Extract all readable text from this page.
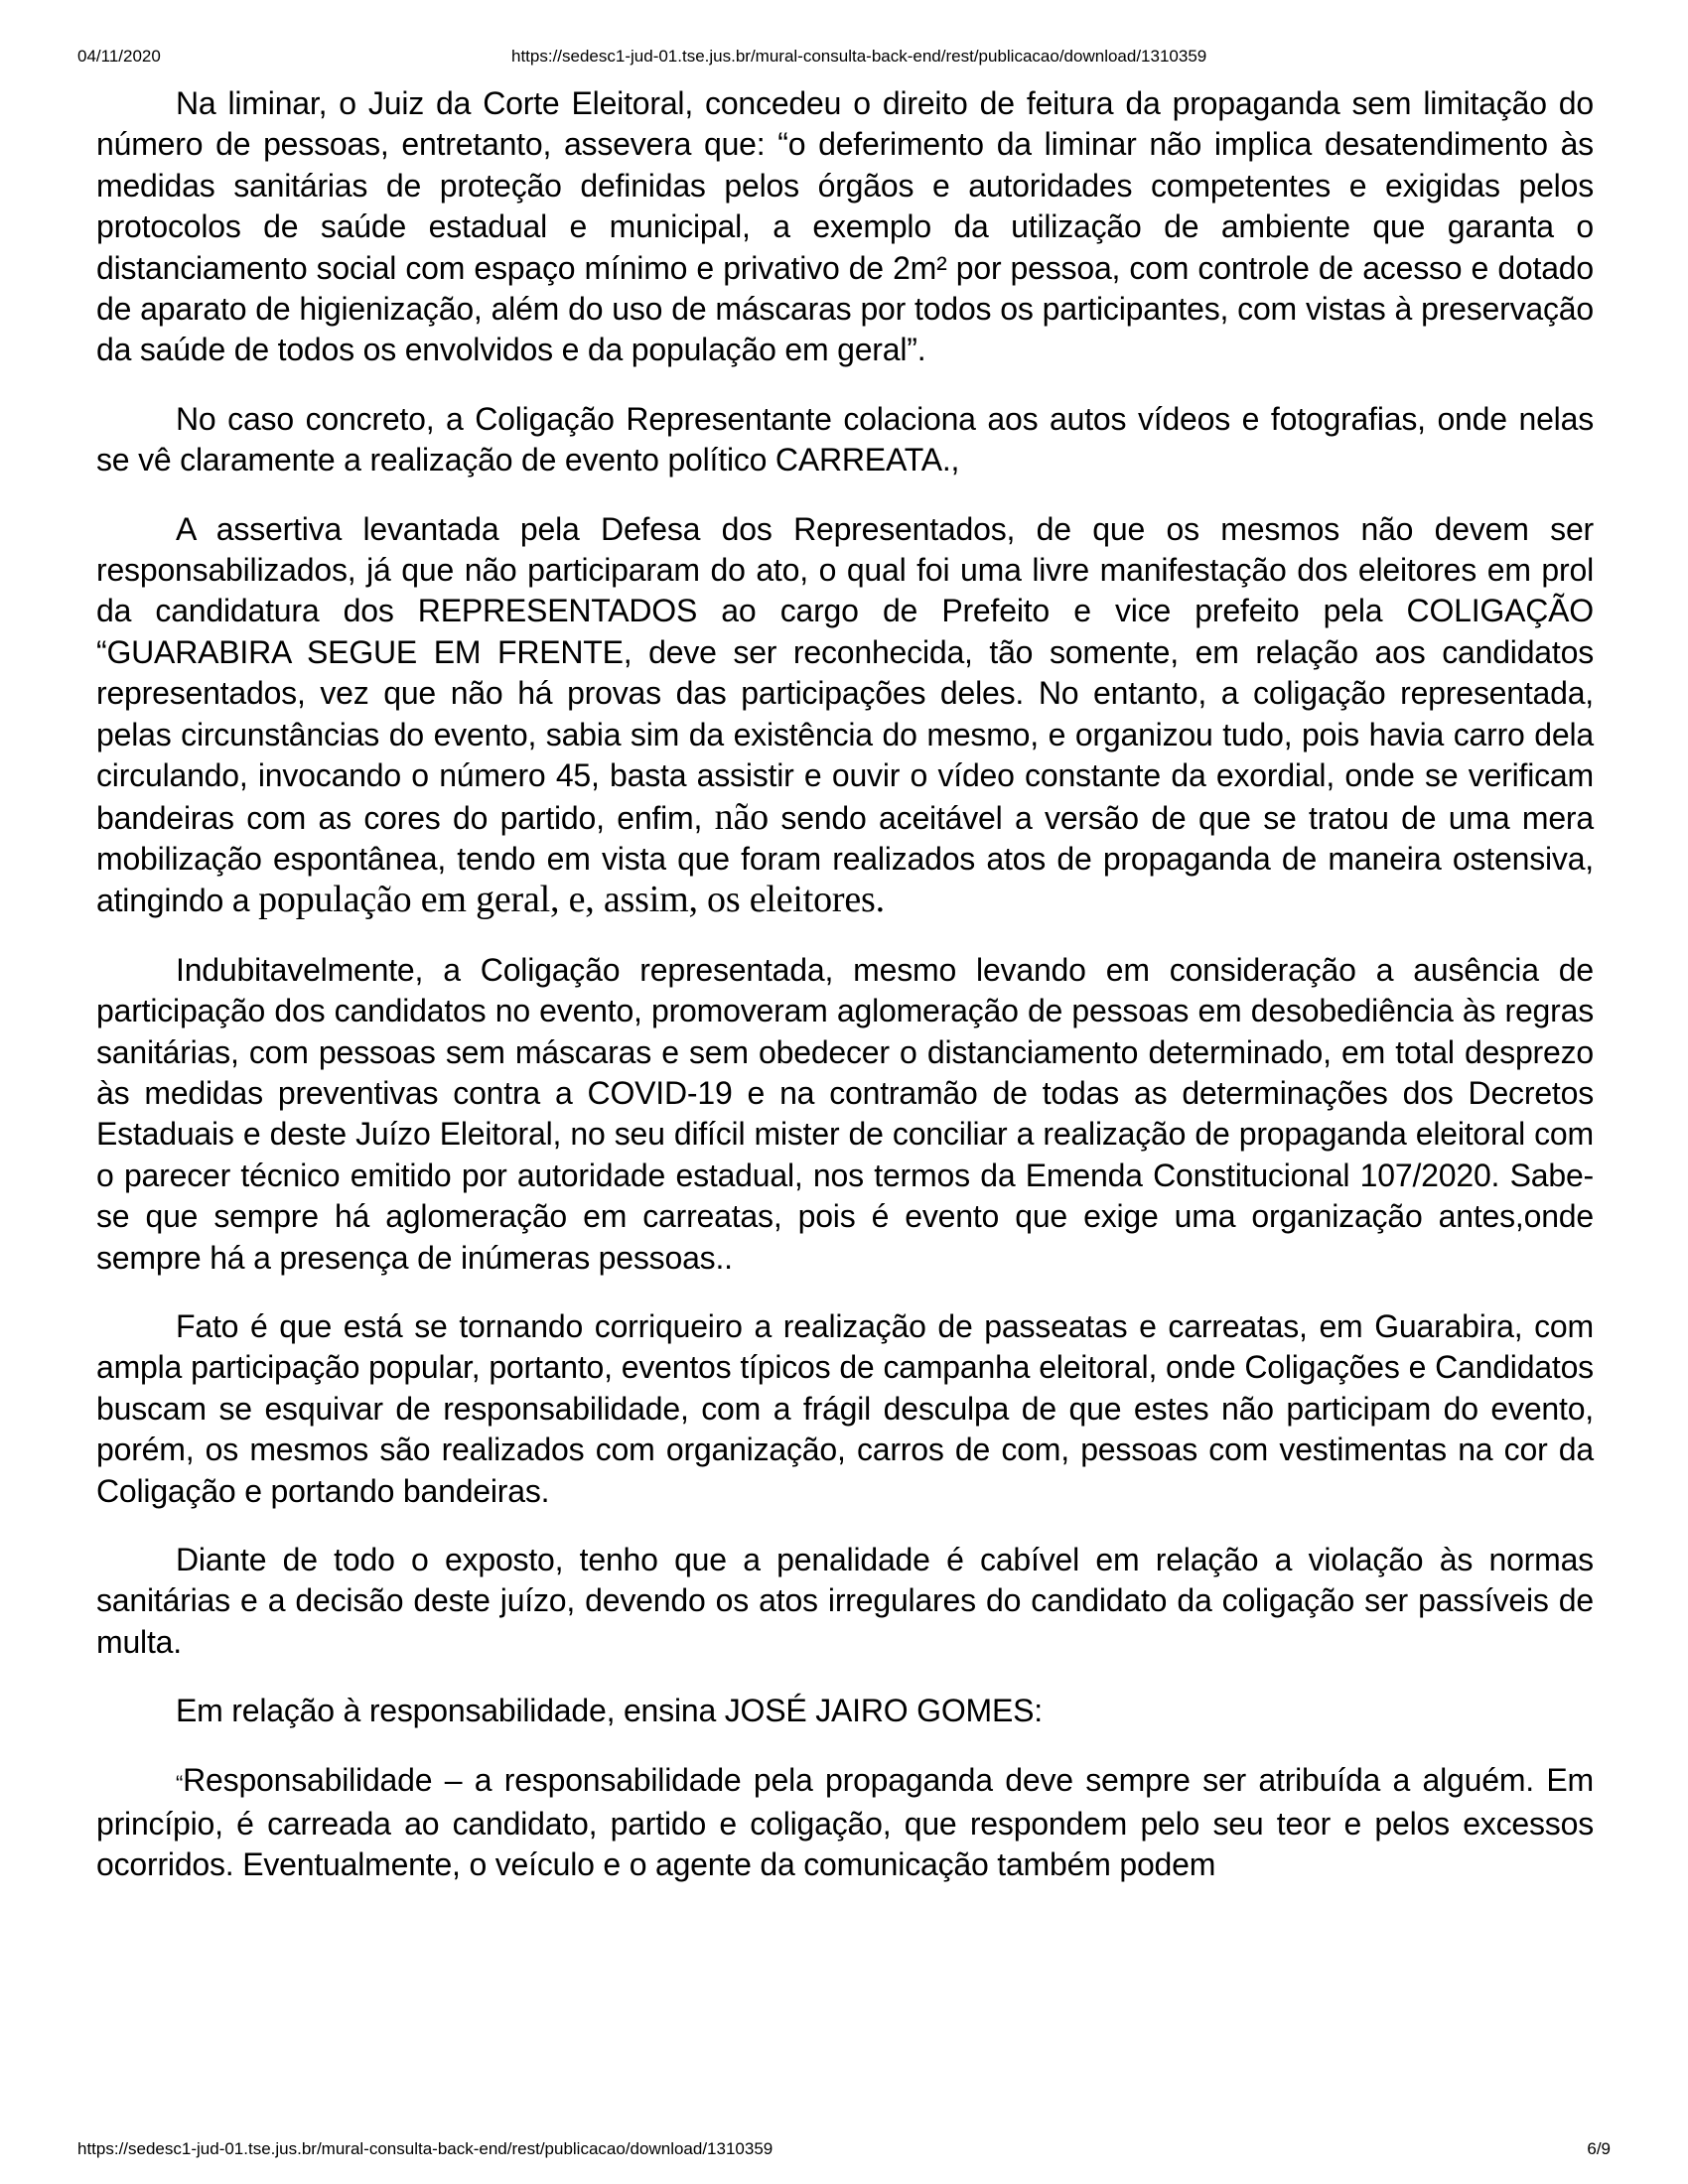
04/11/2020	https://sedesc1-jud-01.tse.jus.br/mural-consulta-back-end/rest/publicacao/download/1310359

Na liminar, o Juiz da Corte Eleitoral, concedeu o direito de feitura da propaganda sem limitação do número de pessoas, entretanto, assevera que: “o deferimento da liminar não implica desatendimento às medidas sanitárias de proteção definidas pelos órgãos e autoridades competentes e exigidas pelos protocolos de saúde estadual e municipal, a exemplo da utilização de ambiente que garanta o distanciamento social com espaço mínimo e privativo de 2m² por pessoa, com controle de acesso e dotado de aparato de higienização, além do uso de máscaras por todos os participantes, com vistas à preservação da saúde de todos os envolvidos e da população em geral”.

No caso concreto, a Coligação Representante colaciona aos autos vídeos e fotografias, onde nelas se vê claramente a realização de evento político CARREATA.,

A assertiva levantada pela Defesa dos Representados, de que os mesmos não devem ser responsabilizados, já que não participaram do ato, o qual foi uma livre manifestação dos eleitores em prol da candidatura dos REPRESENTADOS ao cargo de Prefeito e vice prefeito pela COLIGAÇÃO “GUARABIRA SEGUE EM FRENTE, deve ser reconhecida, tão somente, em relação aos candidatos representados, vez que não há provas das participações deles. No entanto, a coligação representada, pelas circunstâncias do evento, sabia sim da existência do mesmo, e organizou tudo, pois havia carro dela circulando, invocando o número 45, basta assistir e ouvir o vídeo constante da exordial, onde se verificam bandeiras com as cores do partido, enfim, não sendo aceitável a versão de que se tratou de uma mera mobilização espontânea, tendo em vista que foram realizados atos de propaganda de maneira ostensiva, atingindo a população em geral, e, assim, os eleitores.

Indubitavelmente, a Coligação representada, mesmo levando em consideração a ausência de participação dos candidatos no evento, promoveram aglomeração de pessoas em desobediência às regras sanitárias, com pessoas sem máscaras e sem obedecer o distanciamento determinado, em total desprezo às medidas preventivas contra a COVID-19 e na contramão de todas as determinações dos Decretos Estaduais e deste Juízo Eleitoral, no seu difícil mister de conciliar a realização de propaganda eleitoral com o parecer técnico emitido por autoridade estadual, nos termos da Emenda Constitucional 107/2020. Sabe-se que sempre há aglomeração em carreatas, pois é evento que exige uma organização antes,onde sempre há a presença de inúmeras pessoas..

Fato é que está se tornando corriqueiro a realização de passeatas e carreatas, em Guarabira, com ampla participação popular, portanto, eventos típicos de campanha eleitoral, onde Coligações e Candidatos buscam se esquivar de responsabilidade, com a frágil desculpa de que estes não participam do evento, porém, os mesmos são realizados com organização, carros de com, pessoas com vestimentas na cor da Coligação e portando bandeiras.

Diante de todo o exposto, tenho que a penalidade é cabível em relação a violação às normas sanitárias e a decisão deste juízo, devendo os atos irregulares do candidato da coligação ser passíveis de multa.

Em relação à responsabilidade, ensina JOSÉ JAIRO GOMES:

“Responsabilidade – a responsabilidade pela propaganda deve sempre ser atribuída a alguém. Em princípio, é carreada ao candidato, partido e coligação, que respondem pelo seu teor e pelos excessos ocorridos. Eventualmente, o veículo e o agente da comunicação também podem

https://sedesc1-jud-01.tse.jus.br/mural-consulta-back-end/rest/publicacao/download/1310359	6/9
